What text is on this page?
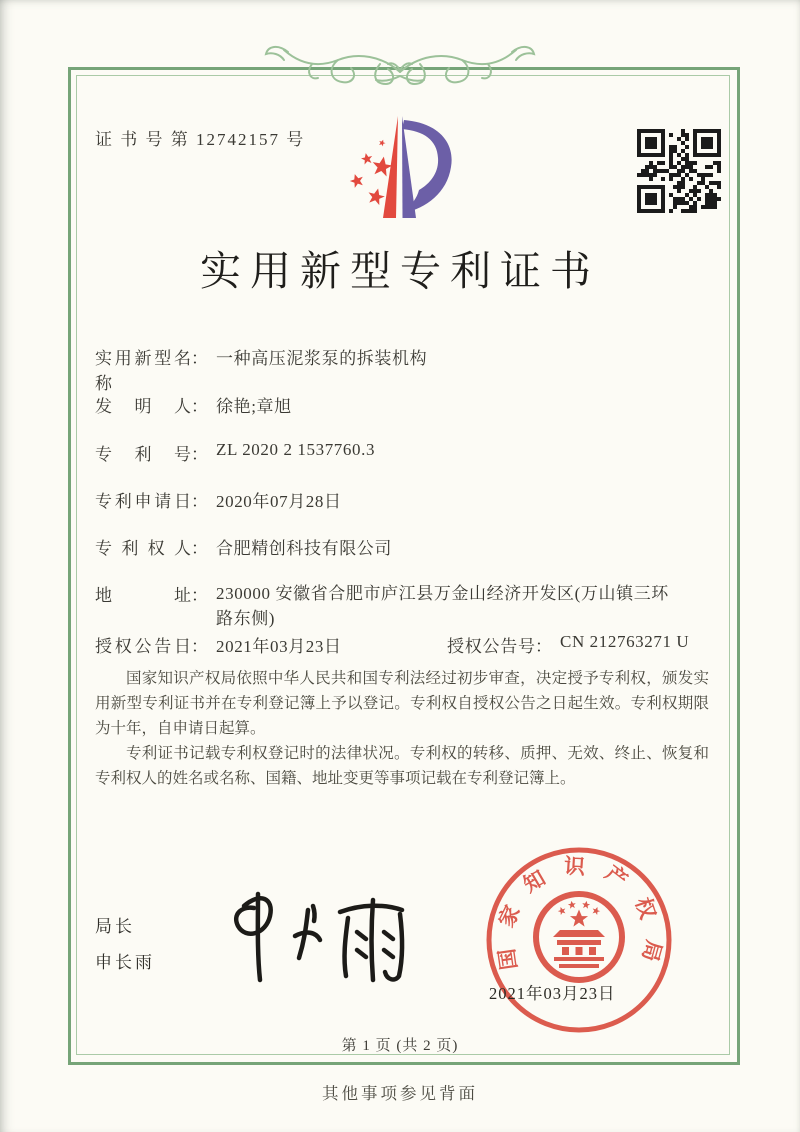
证 书 号 第 12742157 号
实用新型专利证书
实用新型名称
： 一种高压泥浆泵的拆装机构
发明人 ： 徐艳;章旭
专利号 ： ZL 2020 2 1537760.3
专利申请日 ： 2020年07月28日
专利权人 ： 合肥精创科技有限公司
地址 ： 230000 安徽省合肥市庐江县万金山经济开发区(万山镇三环路东侧)
授权公告日 ： 2021年03月23日	授权公告号 ： CN 212763271 U

国家知识产权局依照中华人民共和国专利法经过初步审查，决定授予专利权，颁发实用新型专利证书并在专利登记簿上予以登记。专利权自授权公告之日起生效。专利权期限为十年，自申请日起算。

专利证书记载专利权登记时的法律状况。专利权的转移、质押、无效、终止、恢复和专利权人的姓名或名称、国籍、地址变更等事项记载在专利登记簿上。

局长
申长雨	国家知识产权局
2021年03月23日
第 1 页 (共 2 页)
其他事项参见背面
